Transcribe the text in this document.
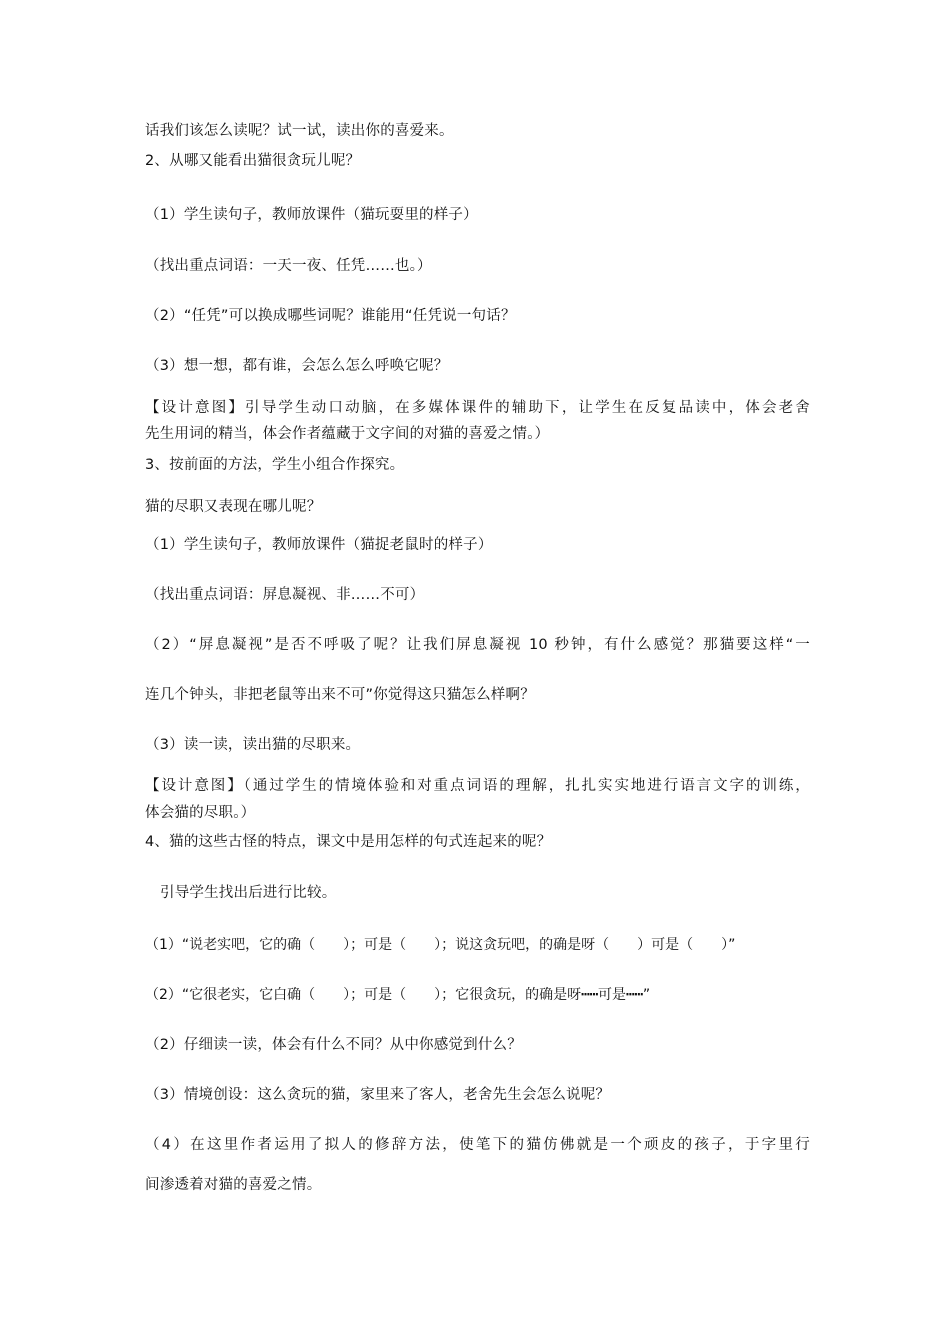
话我们该怎么读呢？试一试，读出你的喜爱来。
2、从哪又能看出猫很贪玩儿呢？
（1）学生读句子，教师放课件（猫玩耍里的样子）
（找出重点词语：一天一夜、任凭……也。）
（2）“任凭”可以换成哪些词呢？谁能用“任凭说一句话？
（3）想一想，都有谁，会怎么怎么呼唤它呢？
【设计意图】引导学生动口动脑，在多媒体课件的辅助下，让学生在反复品读中，体会老舍
先生用词的精当，体会作者蕴藏于文字间的对猫的喜爱之情。）
3、按前面的方法，学生小组合作探究。
猫的尽职又表现在哪儿呢？
（1）学生读句子，教师放课件（猫捉老鼠时的样子）
（找出重点词语：屏息凝视、非……不可）
（2）“屏息凝视”是否不呼吸了呢？让我们屏息凝视 10 秒钟，有什么感觉？那猫要这样“一
连几个钟头，非把老鼠等出来不可”你觉得这只猫怎么样啊？
（3）读一读，读出猫的尽职来。
【设计意图】（通过学生的情境体验和对重点词语的理解，扎扎实实地进行语言文字的训练，
体会猫的尽职。）
4、猫的这些古怪的特点，课文中是用怎样的句式连起来的呢？
引导学生找出后进行比较。
（1）“说老实吧，它的确（　　）；可是（　　）；说这贪玩吧，的确是呀（　　）可是（　　）”
（2）“它很老实，它白确（　　）；可是（　　）；它很贪玩，的确是呀┅┅可是┅┅”
（2）仔细读一读，体会有什么不同？从中你感觉到什么？
（3）情境创设：这么贪玩的猫，家里来了客人，老舍先生会怎么说呢？
（4）在这里作者运用了拟人的修辞方法，使笔下的猫仿佛就是一个顽皮的孩子，于字里行
间渗透着对猫的喜爱之情。
